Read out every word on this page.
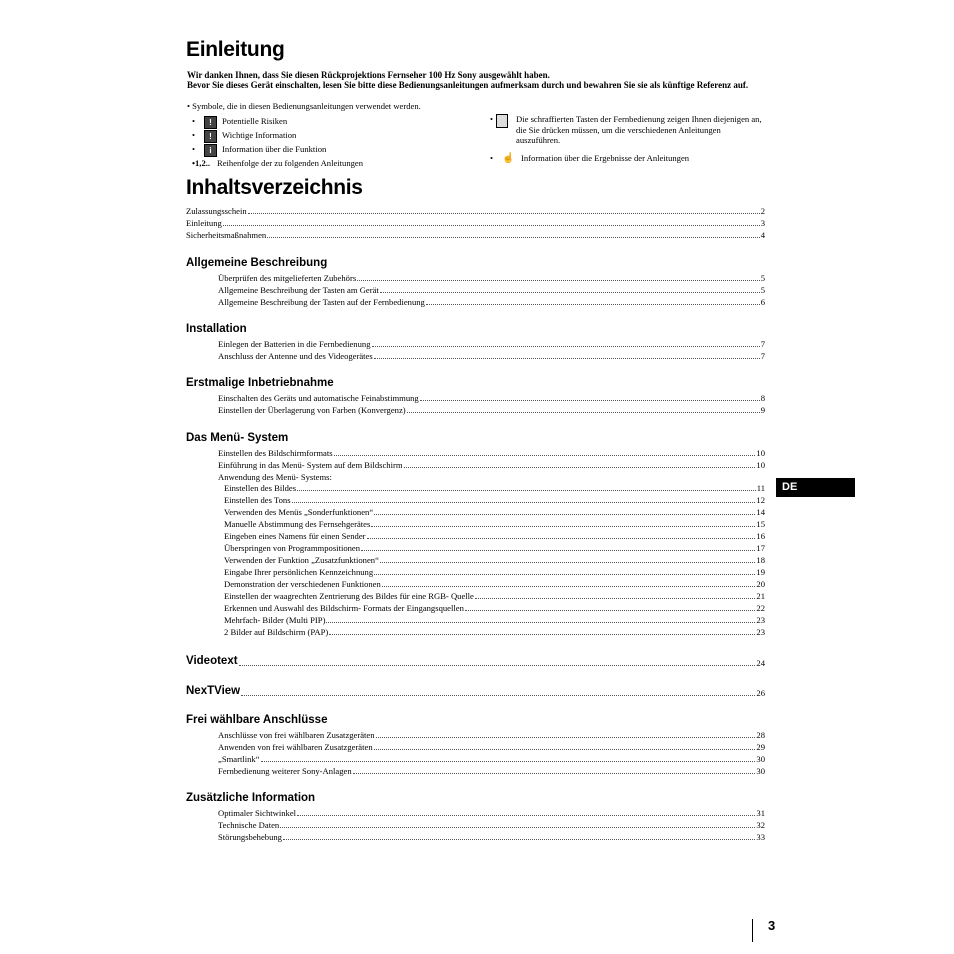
Einleitung
Wir danken Ihnen, dass Sie diesen Rückprojektions Fernseher 100 Hz Sony ausgewählt haben.
Bevor Sie dieses Gerät einschalten, lesen Sie bitte diese Bedienungsanleitungen aufmerksam durch und bewahren Sie sie als künftige Referenz auf.
• Symbole, die in diesen Bedienungsanleitungen verwendet werden.
•	!	Potentielle Risiken
•	!	Wichtige Information
•	i	Information über die Funktion
•1,2.. Reihenfolge der zu folgenden Anleitungen
•	Die schraffierten Tasten der Fernbedienung zeigen Ihnen diejenigen an, die Sie drücken müssen, um die verschiedenen Anleitungen auszuführen.
• ☝ Information über die Ergebnisse der Anleitungen
Inhaltsverzeichnis
Zulassungsschein	2
Einleitung	3
Sicherheitsmaßnahmen	4
Allgemeine Beschreibung
Überprüfen des mitgelieferten Zubehörs	5
Allgemeine Beschreibung der Tasten am Gerät	5
Allgemeine Beschreibung der Tasten auf der Fernbedienung	6
Installation
Einlegen der Batterien in die Fernbedienung	7
Anschluss der Antenne und des Videogerätes	7
Erstmalige Inbetriebnahme
Einschalten des Geräts und automatische Feinabstimmung	8
Einstellen der Überlagerung von Farben (Konvergenz)	9
Das Menü- System
Einstellen des Bildschirmformats	10
Einführung in das Menü- System auf dem Bildschirm	10
Anwendung des Menü- Systems:
Einstellen des Bildes	11
Einstellen des Tons	12
Verwenden des Menüs „Sonderfunktionen“	14
Manuelle Abstimmung des Fernsehgerätes	15
Eingeben eines Namens für einen Sender	16
Überspringen von Programmpositionen	17
Verwenden der Funktion „Zusatzfunktionen“	18
Eingabe Ihrer persönlichen Kennzeichnung	19
Demonstration der verschiedenen Funktionen	20
Einstellen der waagrechten Zentrierung des Bildes für eine RGB- Quelle	21
Erkennen und Auswahl des Bildschirm- Formats der Eingangsquellen	22
Mehrfach- Bilder (Multi PIP)	23
2 Bilder auf Bildschirm (PAP)	23
Videotext	24
NexTView	26
Frei wählbare Anschlüsse
Anschlüsse von frei wählbaren Zusatzgeräten	28
Anwenden von frei wählbaren Zusatzgeräten	29
„Smartlink“	30
Fernbedienung weiterer Sony-Anlagen	30
Zusätzliche Information
Optimaler Sichtwinkel	31
Technische Daten	32
Störungsbehebung	33
DE
3
